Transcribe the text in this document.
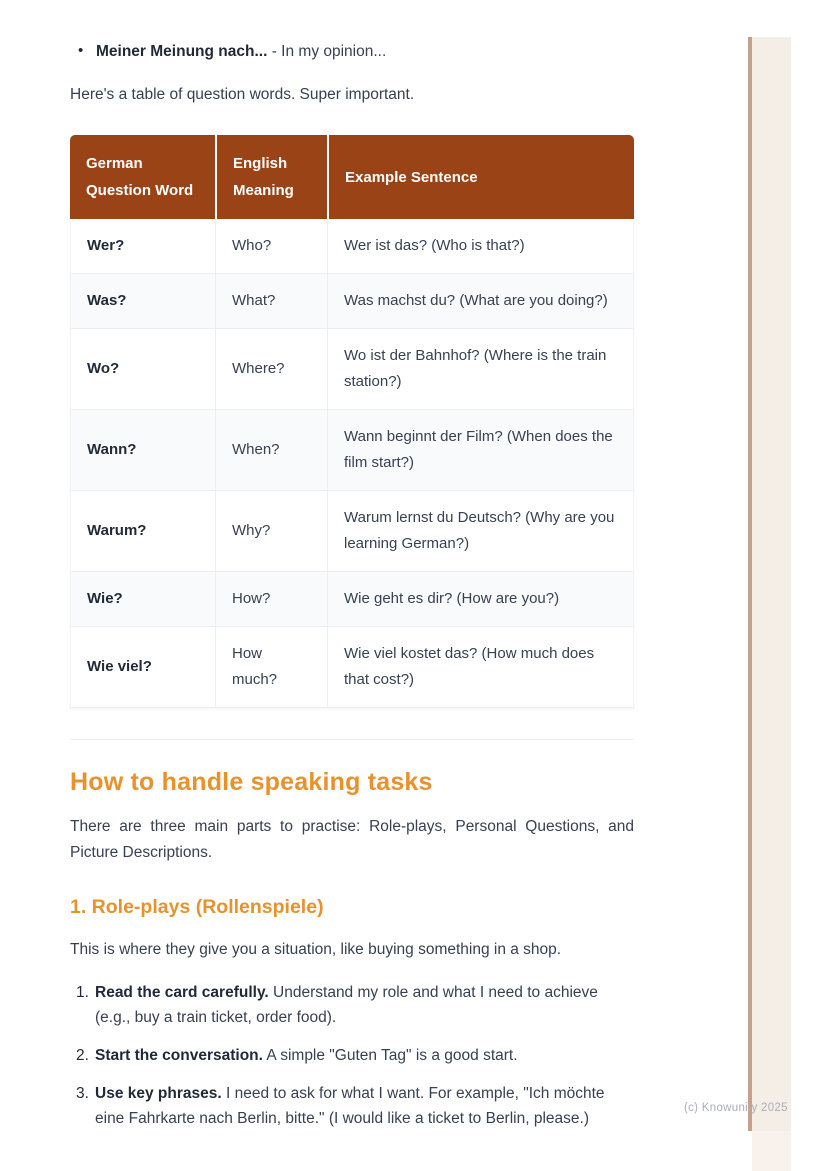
• Meiner Meinung nach... - In my opinion...
Here's a table of question words. Super important.
German Question Word	English Meaning	Example Sentence
Wer?	Who?	Wer ist das? (Who is that?)
Was?	What?	Was machst du? (What are you doing?)
Wo?	Where?	Wo ist der Bahnhof? (Where is the train station?)
Wann?	When?	Wann beginnt der Film? (When does the film start?)
Warum?	Why?	Warum lernst du Deutsch? (Why are you learning German?)
Wie?	How?	Wie geht es dir? (How are you?)
Wie viel?	How much?	Wie viel kostet das? (How much does that cost?)
How to handle speaking tasks
There are three main parts to practise: Role-plays, Personal Questions, and Picture Descriptions.
1. Role-plays (Rollenspiele)
This is where they give you a situation, like buying something in a shop.
1. Read the card carefully. Understand my role and what I need to achieve (e.g., buy a train ticket, order food).
2. Start the conversation. A simple "Guten Tag" is a good start.
3. Use key phrases. I need to ask for what I want. For example, "Ich möchte eine Fahrkarte nach Berlin, bitte." (I would like a ticket to Berlin, please.)
(c) Knowunity 2025
